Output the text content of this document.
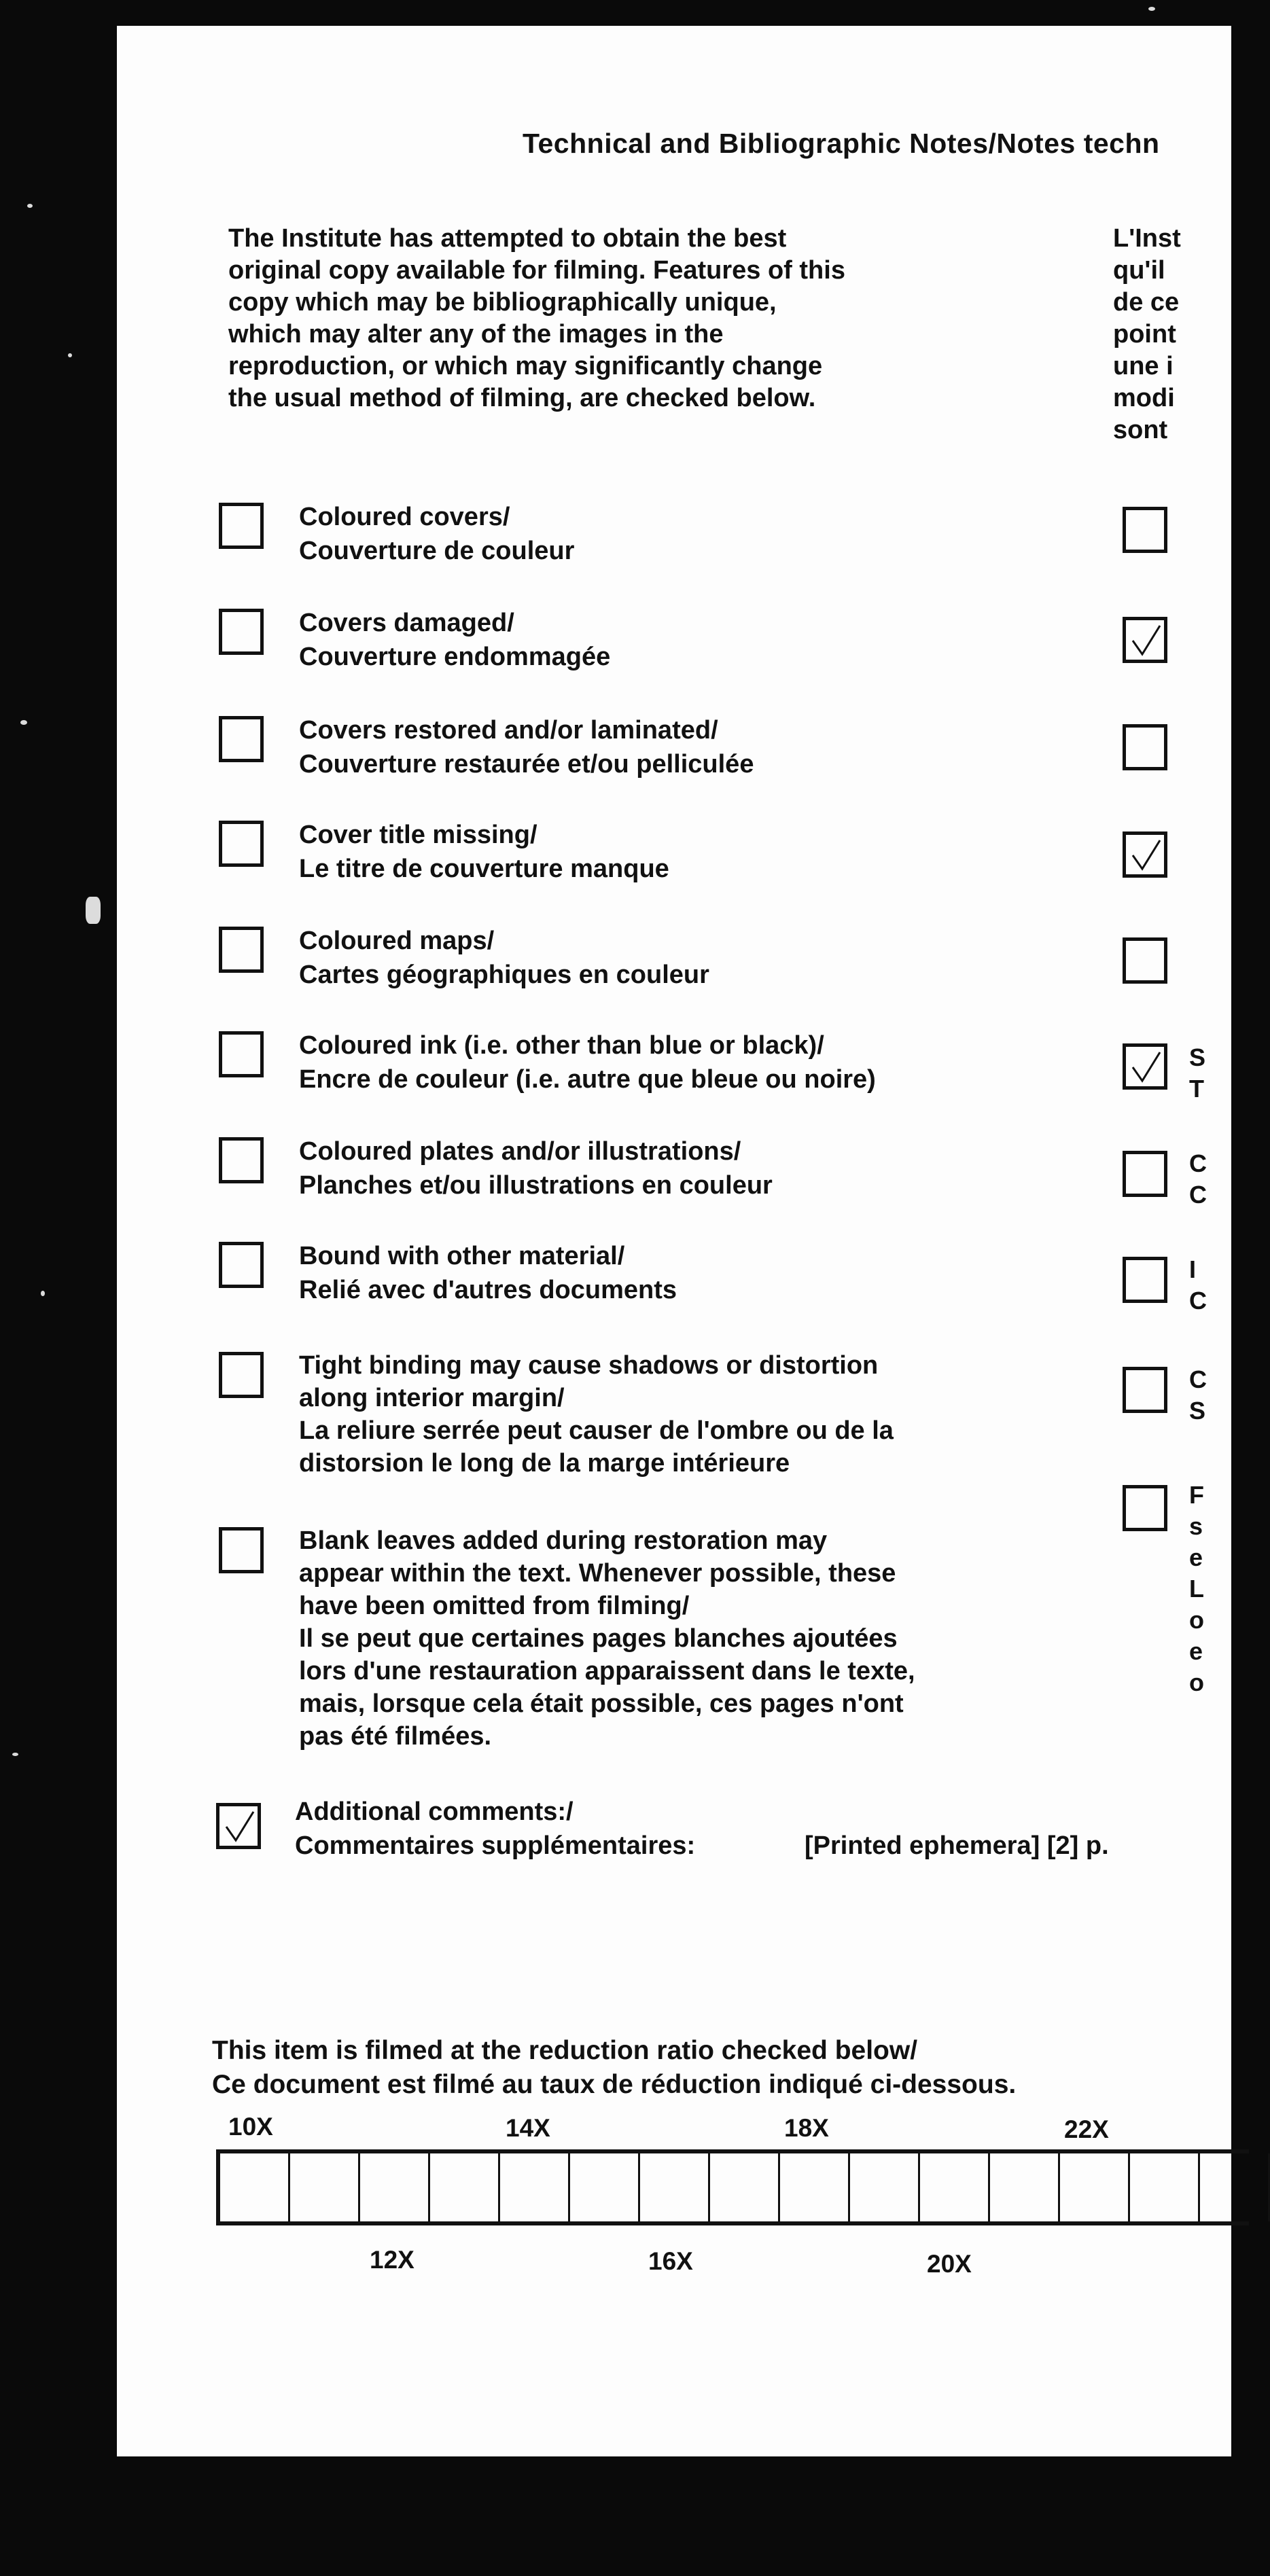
Technical and Bibliographic Notes/Notes techn
The Institute has attempted to obtain the best
original copy available for filming. Features of this
copy which may be bibliographically unique,
which may alter any of the images in the
reproduction, or which may significantly change
the usual method of filming, are checked below.
L'Inst
qu'il
de ce
point
une i
modi
sont
Coloured covers/
Couverture de couleur
Covers damaged/
Couverture endommagée
Covers restored and/or laminated/
Couverture restaurée et/ou pelliculée
Cover title missing/
Le titre de couverture manque
Coloured maps/
Cartes géographiques en couleur
Coloured ink (i.e. other than blue or black)/
Encre de couleur (i.e. autre que bleue ou noire)
Coloured plates and/or illustrations/
Planches et/ou illustrations en couleur
Bound with other material/
Relié avec d'autres documents
Tight binding may cause shadows or distortion
along interior margin/
La reliure serrée peut causer de l'ombre ou de la
distorsion le long de la marge intérieure
Blank leaves added during restoration may
appear within the text. Whenever possible, these
have been omitted from filming/
Il se peut que certaines pages blanches ajoutées
lors d'une restauration apparaissent dans le texte,
mais, lorsque cela était possible, ces pages n'ont
pas été filmées.
Additional comments:/
Commentaires supplémentaires:	[Printed ephemera] [2] p.
S
T
C
C
I
C
C
S
F
s
e
L
o
e
o
This item is filmed at the reduction ratio checked below/
Ce document est filmé au taux de réduction indiqué ci-dessous.
10X	14X	18X	22X
12X	16X	20X
